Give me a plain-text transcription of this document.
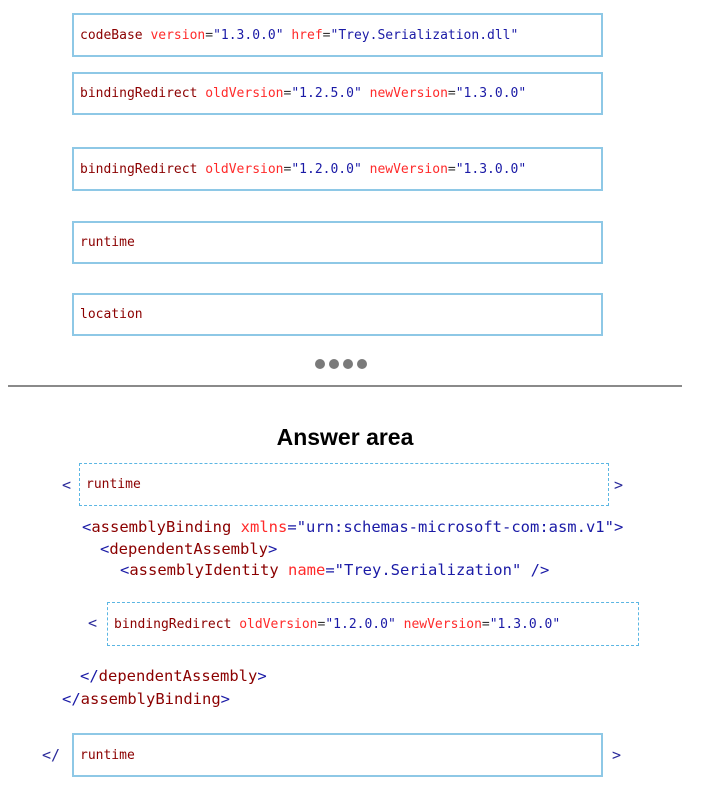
codeBase
version = "1.3.0.0"
href = "Trey.Serialization.dll"
bindingRedirect
oldVersion = "1.2.5.0"
newVersion = "1.3.0.0"
bindingRedirect
oldVersion = "1.2.0.0"
newVersion = "1.3.0.0"
runtime
location
Answer area
< runtime	>
<assemblyBinding xmlns="urn:schemas-microsoft-com:asm.v1">
<dependentAssembly>
<assemblyIdentity name="Trey.Serialization" />
< bindingRedirect
oldVersion = "1.2.0.0"
newVersion = "1.3.0.0"
</dependentAssembly>
</assemblyBinding>
</ runtime	>
